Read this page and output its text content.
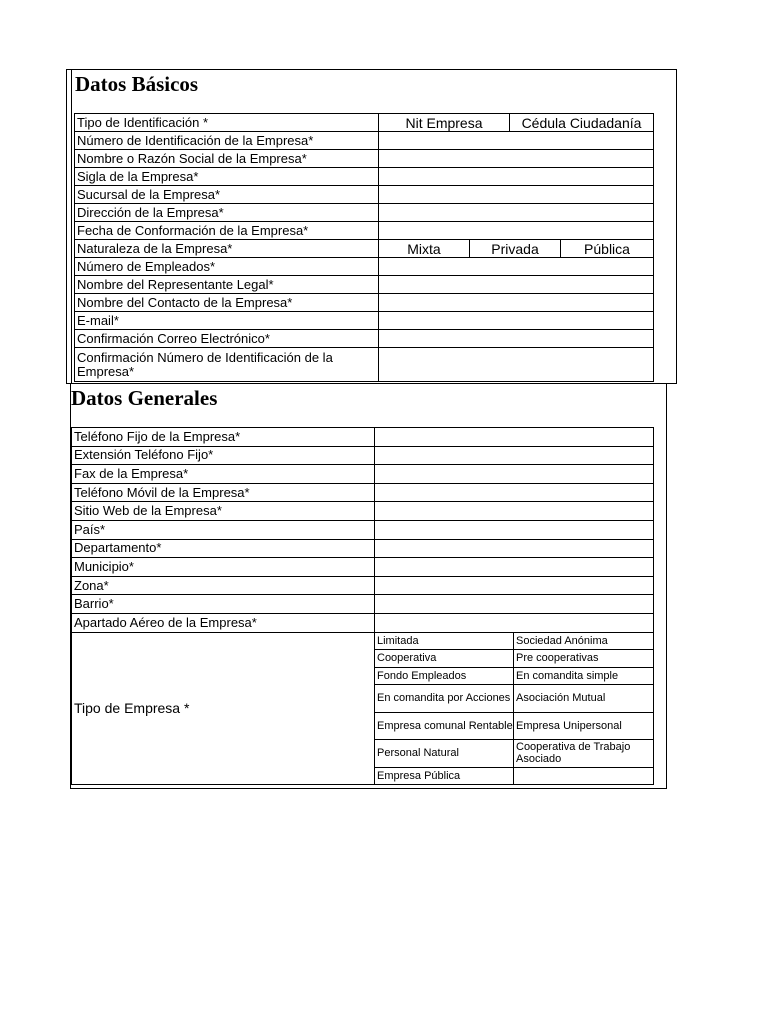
Datos Básicos
Tipo de Identificación *	Nit Empresa		Cédula Ciudadanía	
Número de Identificación de la Empresa*				
Nombre o Razón Social de la Empresa*				
Sigla de la Empresa*				
Sucursal de la Empresa*				
Dirección de la Empresa*				
Fecha de Conformación de la Empresa*				
Naturaleza de la Empresa*	Mixta	Privada		Pública
Número de Empleados*				
Nombre del Representante Legal*				
Nombre del Contacto de la Empresa*				
E-mail*				
Confirmación Correo Electrónico*				
Confirmación Número de Identificación de la Empresa*				
Datos Generales
Teléfono Fijo de la Empresa*		
Extensión Teléfono Fijo*		
Fax de la Empresa*		
Teléfono Móvil de la Empresa*		
Sitio Web de la Empresa*		
País*		
Departamento*		
Municipio*		
Zona*		
Barrio*		
Apartado Aéreo de la Empresa*		
Tipo de Empresa *	Limitada	Sociedad Anónima
	Cooperativa	Pre cooperativas
	Fondo Empleados	En comandita simple
	En comandita por Acciones	Asociación Mutual
	Empresa comunal Rentable	Empresa Unipersonal
	Personal Natural	Cooperativa de Trabajo Asociado
	Empresa Pública	
